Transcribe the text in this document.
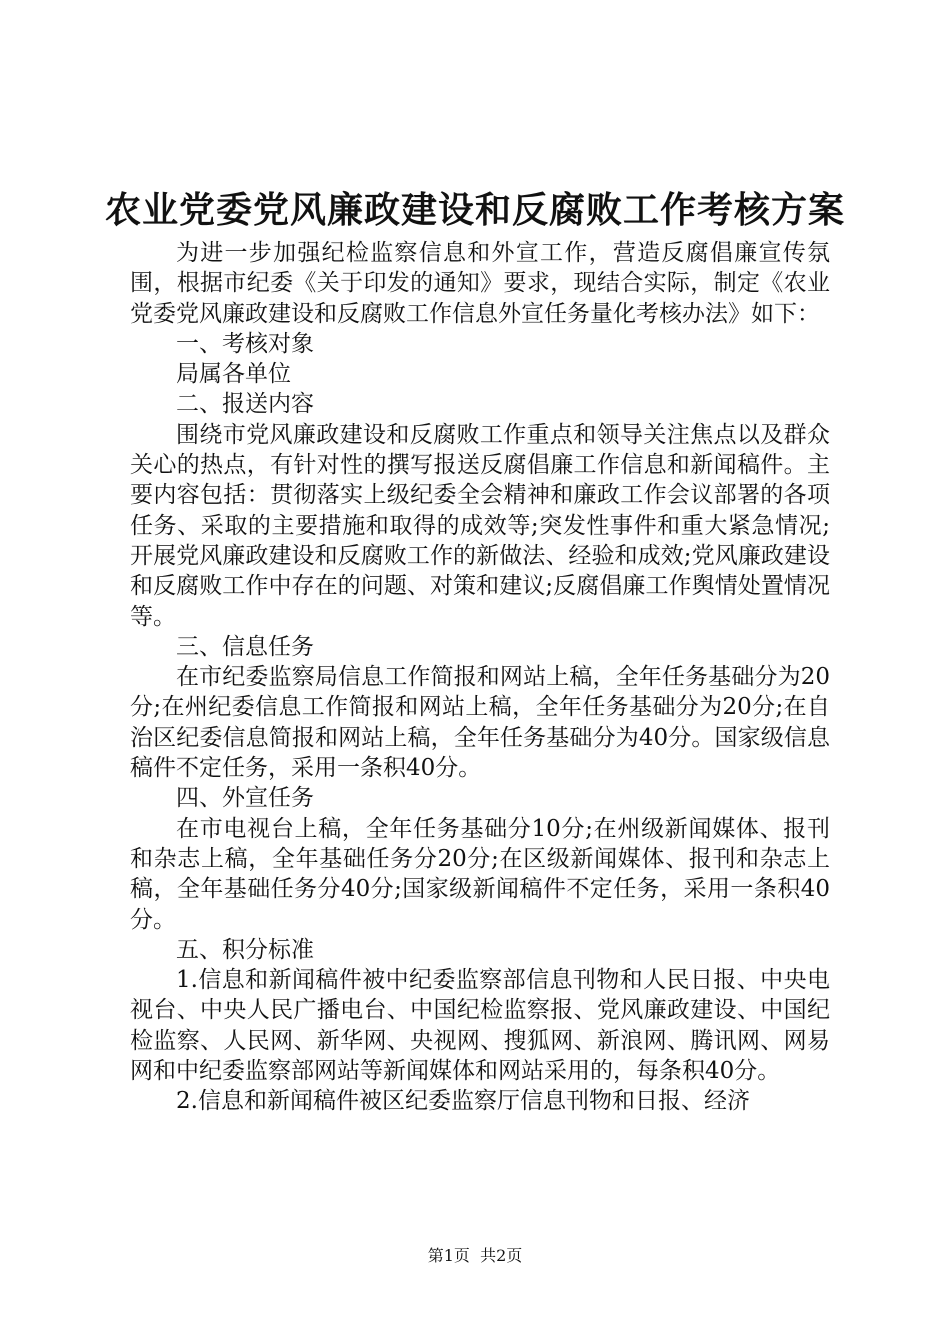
农业党委党风廉政建设和反腐败工作考核方案

为进一步加强纪检监察信息和外宣工作，营造反腐倡廉宣传氛围，根据市纪委《关于印发的通知》要求，现结合实际，制定《农业党委党风廉政建设和反腐败工作信息外宣任务量化考核办法》如下：

一、考核对象

局属各单位

二、报送内容

围绕市党风廉政建设和反腐败工作重点和领导关注焦点以及群众关心的热点，有针对性的撰写报送反腐倡廉工作信息和新闻稿件。主要内容包括：贯彻落实上级纪委全会精神和廉政工作会议部署的各项任务、采取的主要措施和取得的成效等;突发性事件和重大紧急情况;开展党风廉政建设和反腐败工作的新做法、经验和成效;党风廉政建设和反腐败工作中存在的问题、对策和建议;反腐倡廉工作舆情处置情况等。

三、信息任务

在市纪委监察局信息工作简报和网站上稿，全年任务基础分为20分;在州纪委信息工作简报和网站上稿，全年任务基础分为20分;在自治区纪委信息简报和网站上稿，全年任务基础分为40分。国家级信息稿件不定任务，采用一条积40分。

四、外宣任务

在市电视台上稿，全年任务基础分10分;在州级新闻媒体、报刊和杂志上稿，全年基础任务分20分;在区级新闻媒体、报刊和杂志上稿，全年基础任务分40分;国家级新闻稿件不定任务，采用一条积40分。

五、积分标准

1.信息和新闻稿件被中纪委监察部信息刊物和人民日报、中央电视台、中央人民广播电台、中国纪检监察报、党风廉政建设、中国纪检监察、人民网、新华网、央视网、搜狐网、新浪网、腾讯网、网易网和中纪委监察部网站等新闻媒体和网站采用的，每条积40分。

2.信息和新闻稿件被区纪委监察厅信息刊物和日报、经济

第1页  共2页
